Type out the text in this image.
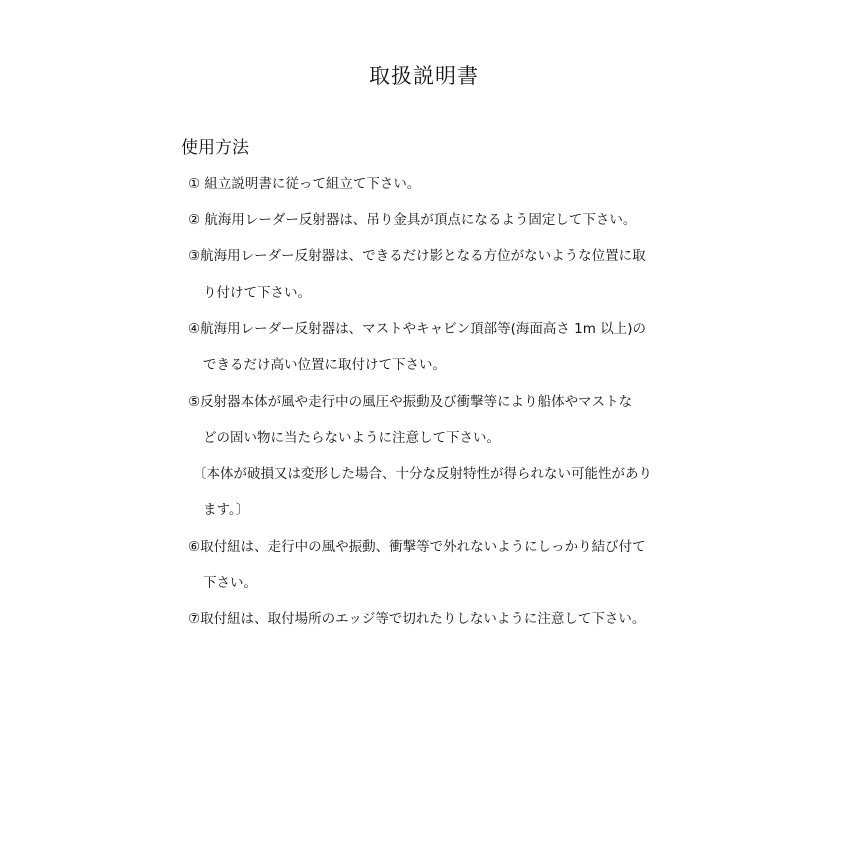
取扱説明書
使用方法
① 組立説明書に従って組立て下さい。
② 航海用レーダー反射器は、吊り金具が頂点になるよう固定して下さい。
③航海用レーダー反射器は、できるだけ影となる方位がないような位置に取
り付けて下さい。
④航海用レーダー反射器は、マストやキャビン頂部等(海面高さ 1m 以上)の
できるだけ高い位置に取付けて下さい。
⑤反射器本体が風や走行中の風圧や振動及び衝撃等により船体やマストな
どの固い物に当たらないように注意して下さい。
〔本体が破損又は変形した場合、十分な反射特性が得られない可能性があり
ます。〕
⑥取付紐は、走行中の風や振動、衝撃等で外れないようにしっかり結び付て
下さい。
⑦取付紐は、取付場所のエッジ等で切れたりしないように注意して下さい。
